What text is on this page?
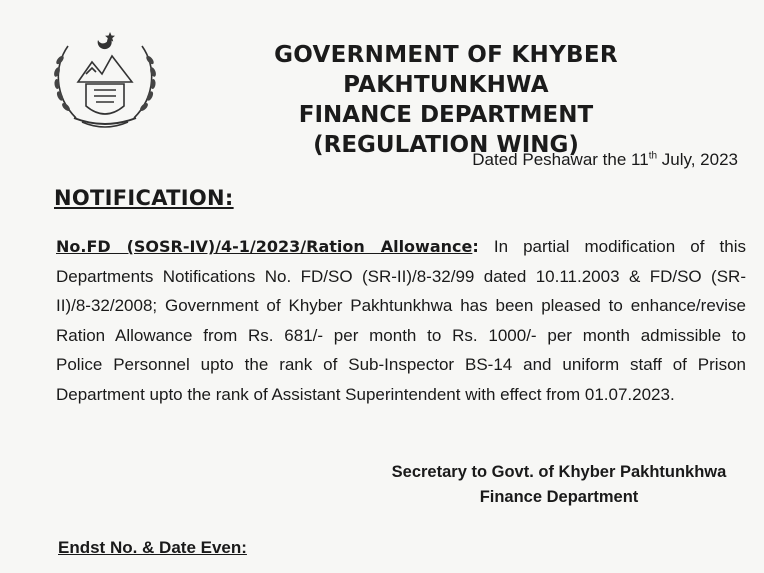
GOVERNMENT OF KHYBER PAKHTUNKHWA
FINANCE DEPARTMENT
(REGULATION WING)
Dated Peshawar the 11th July, 2023
NOTIFICATION:
No.FD (SOSR-IV)/4-1/2023/Ration Allowance: In partial modification of this
Departments Notifications No. FD/SO (SR-II)/8-32/99 dated 10.11.2003 & FD/SO (SR-
II)/8-32/2008; Government of Khyber Pakhtunkhwa has been pleased to enhance/revise
Ration Allowance from Rs. 681/- per month to Rs. 1000/- per month admissible to
Police Personnel upto the rank of Sub-Inspector BS-14 and uniform staff of Prison
Department upto the rank of Assistant Superintendent with effect from 01.07.2023.
Secretary to Govt. of Khyber Pakhtunkhwa
Finance Department
Endst No. & Date Even:
